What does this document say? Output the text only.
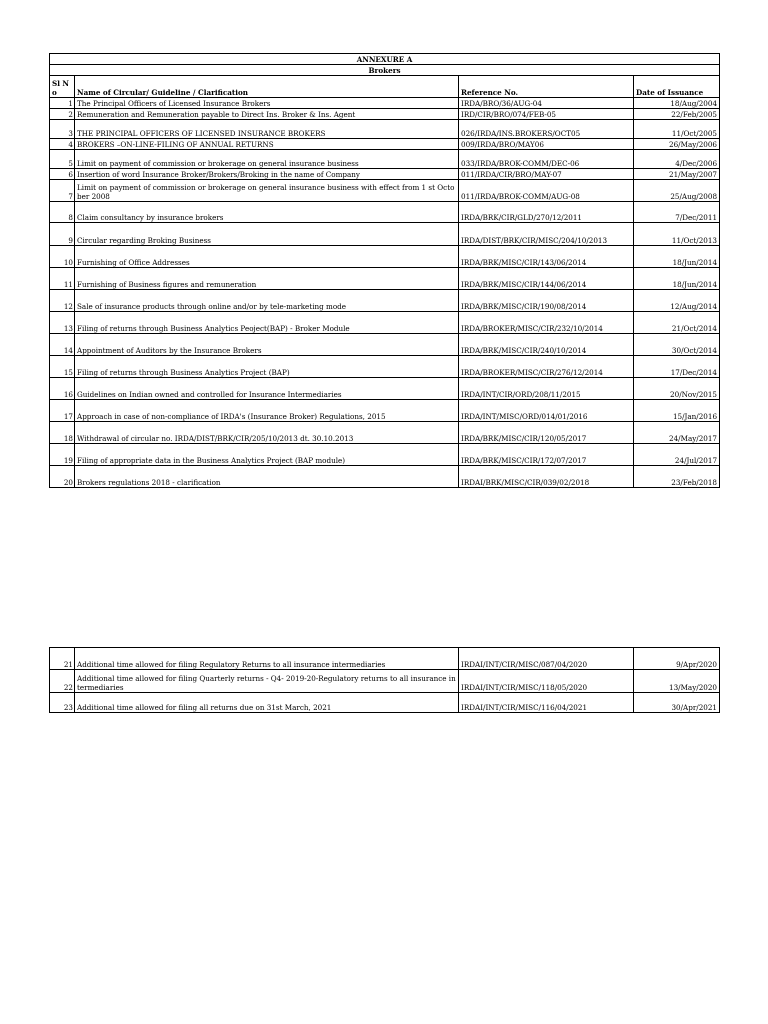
ANNEXURE A			
Brokers			
Sl No	Name of Circular/ Guideline / Clarification	Reference No.	Date of Issuance
1	The Principal Officers of Licensed Insurance Brokers	IRDA/BRO/36/AUG-04	18/Aug/2004
2	Remuneration and Remuneration payable to Direct Ins. Broker & Ins. Agent	IRD/CIR/BRO/074/FEB-05	22/Feb/2005
3	THE PRINCIPAL OFFICERS OF LICENSED INSURANCE BROKERS	026/IRDA/INS.BROKERS/OCT05	11/Oct/2005
4	BROKERS –ON-LINE-FILING OF ANNUAL RETURNS	009/IRDA/BRO/MAY06	26/May/2006
5	Limit on payment of commission or brokerage on general insurance business	033/IRDA/BROK-COMM/DEC-06	4/Dec/2006
6	Insertion of word Insurance Broker/Brokers/Broking in the name of Company	011/IRDA/CIR/BRO/MAY-07	21/May/2007
7	Limit on payment of commission or brokerage on general insurance business with effect from 1 st October 2008	011/IRDA/BROK-COMM/AUG-08	25/Aug/2008
8	Claim consultancy by insurance brokers	IRDA/BRK/CIR/GLD/270/12/2011	7/Dec/2011
9	Circular regarding Broking Business	IRDA/DIST/BRK/CIR/MISC/204/10/2013	11/Oct/2013
10	Furnishing of Office Addresses	IRDA/BRK/MISC/CIR/143/06/2014	18/Jun/2014
11	Furnishing of Business figures and remuneration	IRDA/BRK/MISC/CIR/144/06/2014	18/Jun/2014
12	Sale of insurance products through online and/or by tele-marketing mode	IRDA/BRK/MISC/CIR/190/08/2014	12/Aug/2014
13	Filing of returns through Business Analytics Peoject(BAP) - Broker Module	IRDA/BROKER/MISC/CIR/232/10/2014	21/Oct/2014
14	Appointment of Auditors by the Insurance Brokers	IRDA/BRK/MISC/CIR/240/10/2014	30/Oct/2014
15	Filing of returns through Business Analytics Project (BAP)	IRDA/BROKER/MISC/CIR/276/12/2014	17/Dec/2014
16	Guidelines on Indian owned and controlled for Insurance Intermediaries	IRDA/INT/CIR/ORD/208/11/2015	20/Nov/2015
17	Approach in case of non-compliance of IRDA's (Insurance Broker) Regulations, 2015	IRDA/INT/MISC/ORD/014/01/2016	15/Jan/2016
18	Withdrawal of circular no. IRDA/DIST/BRK/CIR/205/10/2013 dt. 30.10.2013	IRDA/BRK/MISC/CIR/120/05/2017	24/May/2017
19	Filing of appropriate data in the Business Analytics Project (BAP module)	IRDA/BRK/MISC/CIR/172/07/2017	24/Jul/2017
20	Brokers regulations 2018 - clarification	IRDAI/BRK/MISC/CIR/039/02/2018	23/Feb/2018
21	Additional time allowed for filing Regulatory Returns to all insurance intermediaries	IRDAI/INT/CIR/MISC/087/04/2020	9/Apr/2020
22	Additional time allowed for filing Quarterly returns - Q4- 2019-20-Regulatory returns to all insurance intermediaries	IRDAI/INT/CIR/MISC/118/05/2020	13/May/2020
23	Additional time allowed for filing all returns due on 31st March, 2021	IRDAI/INT/CIR/MISC/116/04/2021	30/Apr/2021
